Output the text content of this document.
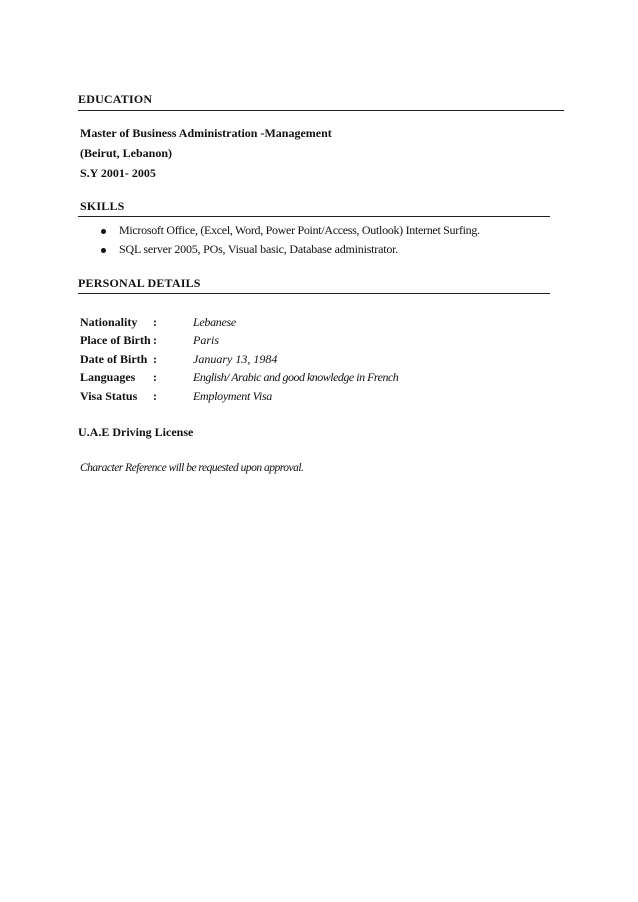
EDUCATION
Master of Business Administration -Management
(Beirut, Lebanon)
S.Y 2001- 2005
SKILLS
Microsoft Office, (Excel, Word, Power Point/Access, Outlook) Internet Surfing.
SQL server 2005, POs, Visual basic, Database administrator.
PERSONAL DETAILS
Nationality :	Lebanese
Place of Birth :	Paris
Date of Birth :	January 13, 1984
Languages :	English/ Arabic and good knowledge in French
Visa Status :	Employment Visa
U.A.E Driving License
Character Reference will be requested upon approval.
